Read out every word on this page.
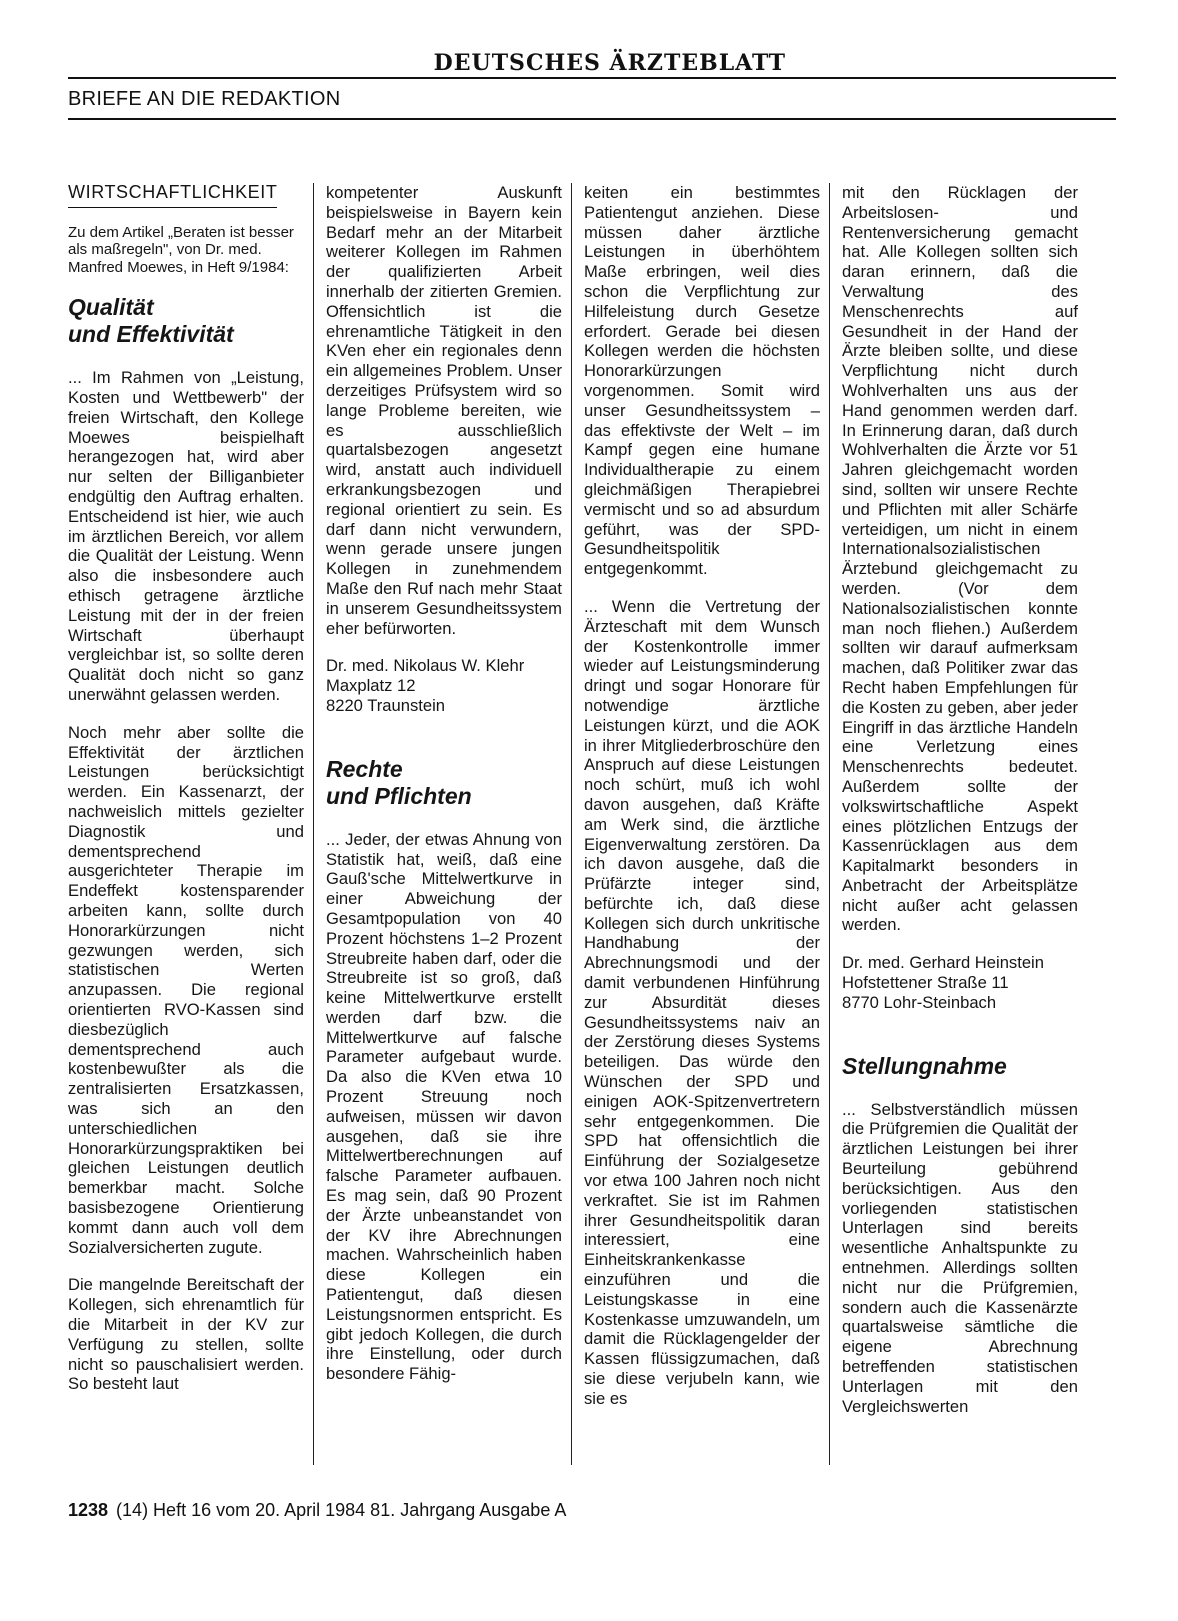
DEUTSCHES ÄRZTEBLATT
BRIEFE AN DIE REDAKTION
WIRTSCHAFTLICHKEIT

Zu dem Artikel „Beraten ist besser als maßregeln", von Dr. med. Manfred Moewes, in Heft 9/1984:

Qualität
und Effektivität

... Im Rahmen von „Leistung, Kosten und Wettbewerb" der freien Wirtschaft, den Kollege Moewes beispielhaft herangezogen hat, wird aber nur selten der Billiganbieter endgültig den Auftrag erhalten. Entscheidend ist hier, wie auch im ärztlichen Bereich, vor allem die Qualität der Leistung. Wenn also die insbesondere auch ethisch getragene ärztliche Leistung mit der in der freien Wirtschaft überhaupt vergleichbar ist, so sollte deren Qualität doch nicht so ganz unerwähnt gelassen werden.

Noch mehr aber sollte die Effektivität der ärztlichen Leistungen berücksichtigt werden. Ein Kassenarzt, der nachweislich mittels gezielter Diagnostik und dementsprechend ausgerichteter Therapie im Endeffekt kostensparender arbeiten kann, sollte durch Honorarkürzungen nicht gezwungen werden, sich statistischen Werten anzupassen. Die regional orientierten RVO-Kassen sind diesbezüglich dementsprechend auch kostenbewußter als die zentralisierten Ersatzkassen, was sich an den unterschiedlichen Honorarkürzungspraktiken bei gleichen Leistungen deutlich bemerkbar macht. Solche basisbezogene Orientierung kommt dann auch voll dem Sozialversicherten zugute.

Die mangelnde Bereitschaft der Kollegen, sich ehrenamtlich für die Mitarbeit in der KV zur Verfügung zu stellen, sollte nicht so pauschalisiert werden. So besteht laut

kompetenter Auskunft beispielsweise in Bayern kein Bedarf mehr an der Mitarbeit weiterer Kollegen im Rahmen der qualifizierten Arbeit innerhalb der zitierten Gremien. Offensichtlich ist die ehrenamtliche Tätigkeit in den KVen eher ein regionales denn ein allgemeines Problem. Unser derzeitiges Prüfsystem wird so lange Probleme bereiten, wie es ausschließlich quartalsbezogen angesetzt wird, anstatt auch individuell erkrankungsbezogen und regional orientiert zu sein. Es darf dann nicht verwundern, wenn gerade unsere jungen Kollegen in zunehmendem Maße den Ruf nach mehr Staat in unserem Gesundheitssystem eher befürworten.

Dr. med. Nikolaus W. Klehr
Maxplatz 12
8220 Traunstein
Rechte
und Pflichten

... Jeder, der etwas Ahnung von Statistik hat, weiß, daß eine Gauß'sche Mittelwertkurve in einer Abweichung der Gesamtpopulation von 40 Prozent höchstens 1–2 Prozent Streubreite haben darf, oder die Streubreite ist so groß, daß keine Mittelwertkurve erstellt werden darf bzw. die Mittelwertkurve auf falsche Parameter aufgebaut wurde. Da also die KVen etwa 10 Prozent Streuung noch aufweisen, müssen wir davon ausgehen, daß sie ihre Mittelwertberechnungen auf falsche Parameter aufbauen. Es mag sein, daß 90 Prozent der Ärzte unbeanstandet von der KV ihre Abrechnungen machen. Wahrscheinlich haben diese Kollegen ein Patientengut, daß diesen Leistungsnormen entspricht. Es gibt jedoch Kollegen, die durch ihre Einstellung, oder durch besondere Fähig-

keiten ein bestimmtes Patientengut anziehen. Diese müssen daher ärztliche Leistungen in überhöhtem Maße erbringen, weil dies schon die Verpflichtung zur Hilfeleistung durch Gesetze erfordert. Gerade bei diesen Kollegen werden die höchsten Honorarkürzungen vorgenommen. Somit wird unser Gesundheitssystem – das effektivste der Welt – im Kampf gegen eine humane Individualtherapie zu einem gleichmäßigen Therapiebrei vermischt und so ad absurdum geführt, was der SPD-Gesundheitspolitik entgegenkommt.

... Wenn die Vertretung der Ärzteschaft mit dem Wunsch der Kostenkontrolle immer wieder auf Leistungsminderung dringt und sogar Honorare für notwendige ärztliche Leistungen kürzt, und die AOK in ihrer Mitgliederbroschüre den Anspruch auf diese Leistungen noch schürt, muß ich wohl davon ausgehen, daß Kräfte am Werk sind, die ärztliche Eigenverwaltung zerstören. Da ich davon ausgehe, daß die Prüfärzte integer sind, befürchte ich, daß diese Kollegen sich durch unkritische Handhabung der Abrechnungsmodi und der damit verbundenen Hinführung zur Absurdität dieses Gesundheitssystems naiv an der Zerstörung dieses Systems beteiligen. Das würde den Wünschen der SPD und einigen AOK-Spitzenvertretern sehr entgegenkommen. Die SPD hat offensichtlich die Einführung der Sozialgesetze vor etwa 100 Jahren noch nicht verkraftet. Sie ist im Rahmen ihrer Gesundheitspolitik daran interessiert, eine Einheitskrankenkasse einzuführen und die Leistungskasse in eine Kostenkasse umzuwandeln, um damit die Rücklagengelder der Kassen flüssigzumachen, daß sie diese verjubeln kann, wie sie es

mit den Rücklagen der Arbeitslosen- und Rentenversicherung gemacht hat. Alle Kollegen sollten sich daran erinnern, daß die Verwaltung des Menschenrechts auf Gesundheit in der Hand der Ärzte bleiben sollte, und diese Verpflichtung nicht durch Wohlverhalten uns aus der Hand genommen werden darf. In Erinnerung daran, daß durch Wohlverhalten die Ärzte vor 51 Jahren gleichgemacht worden sind, sollten wir unsere Rechte und Pflichten mit aller Schärfe verteidigen, um nicht in einem Internationalsozialistischen Ärztebund gleichgemacht zu werden. (Vor dem Nationalsozialistischen konnte man noch fliehen.) Außerdem sollten wir darauf aufmerksam machen, daß Politiker zwar das Recht haben Empfehlungen für die Kosten zu geben, aber jeder Eingriff in das ärztliche Handeln eine Verletzung eines Menschenrechts bedeutet. Außerdem sollte der volkswirtschaftliche Aspekt eines plötzlichen Entzugs der Kassenrücklagen aus dem Kapitalmarkt besonders in Anbetracht der Arbeitsplätze nicht außer acht gelassen werden.

Dr. med. Gerhard Heinstein
Hofstettener Straße 11
8770 Lohr-Steinbach
Stellungnahme

... Selbstverständlich müssen die Prüfgremien die Qualität der ärztlichen Leistungen bei ihrer Beurteilung gebührend berücksichtigen. Aus den vorliegenden statistischen Unterlagen sind bereits wesentliche Anhaltspunkte zu entnehmen. Allerdings sollten nicht nur die Prüfgremien, sondern auch die Kassenärzte quartalsweise sämtliche die eigene Abrechnung betreffenden statistischen Unterlagen mit den Vergleichswerten

1238 (14) Heft 16 vom 20. April 1984 81. Jahrgang Ausgabe A
